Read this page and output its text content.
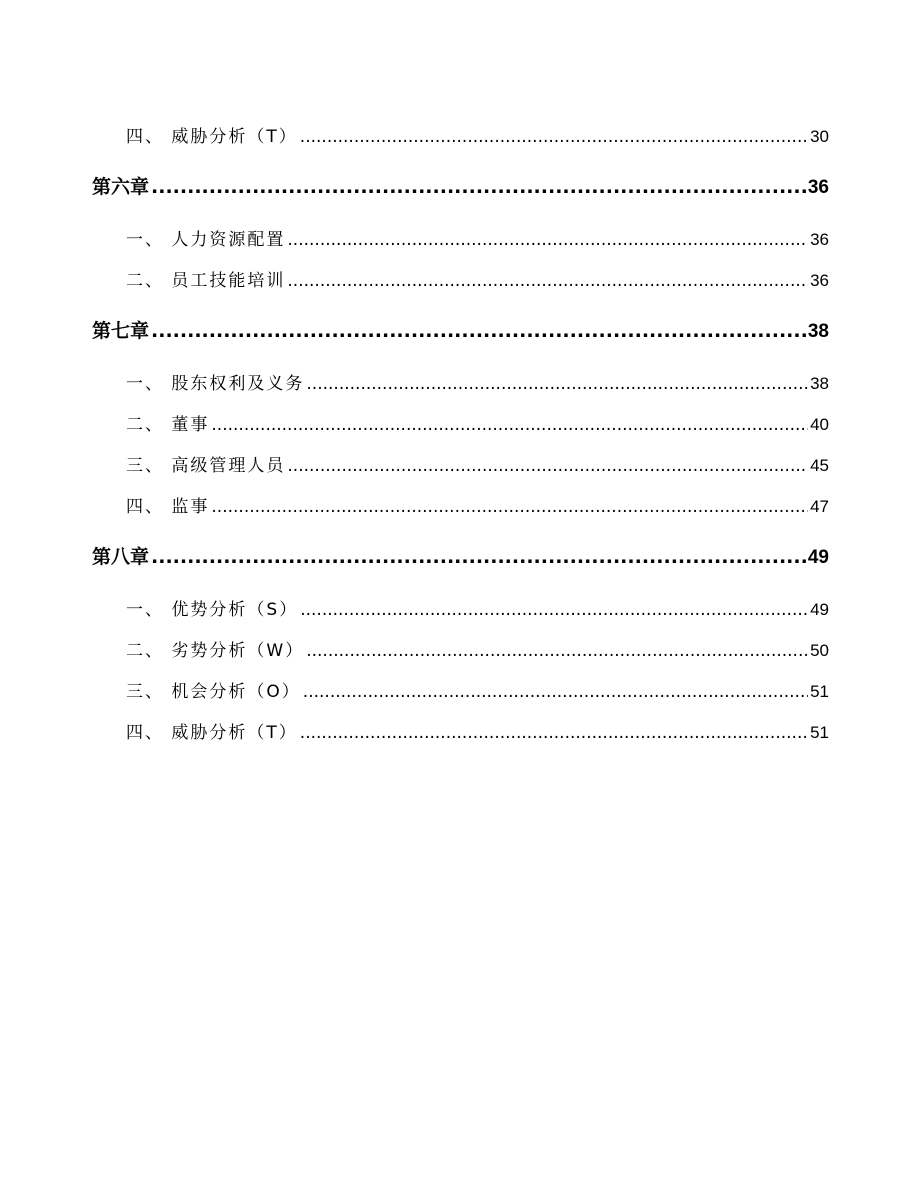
四、 威胁分析（T） .....	30
第六章 .....	36
一、 人力资源配置 .....	36
二、 员工技能培训 .....	36
第七章 .....	38
一、 股东权利及义务 .....	38
二、 董事 .....	40
三、 高级管理人员 .....	45
四、 监事 .....	47
第八章 .....	49
一、 优势分析（S） .....	49
二、 劣势分析（W） .....	50
三、 机会分析（O） .....	51
四、 威胁分析（T） .....	51
